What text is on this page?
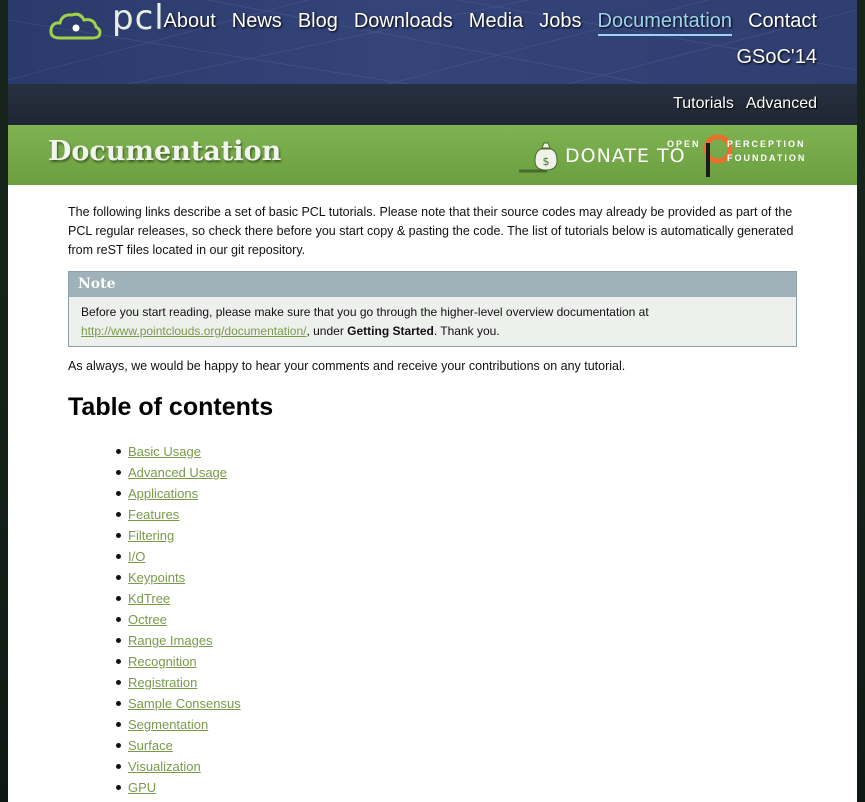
pcl
About News Blog Downloads Media Jobs Documentation Contact
GSoC'14
Tutorials Advanced
Documentation	$ DONATE TO
OPEN	PERCEPTION
FOUNDATION

The following links describe a set of basic PCL tutorials. Please note that their source codes may already be provided as part of the PCL regular releases, so check there before you start copy & pasting the code. The list of tutorials below is automatically generated from reST files located in our git repository.

Note

Before you start reading, please make sure that you go through the higher-level overview documentation at
http://www.pointclouds.org/documentation/, under Getting Started. Thank you.

As always, we would be happy to hear your comments and receive your contributions on any tutorial.

Table of contents
Basic Usage
Advanced Usage
Applications
Features
Filtering
I/O
Keypoints
KdTree
Octree
Range Images
Recognition
Registration
Sample Consensus
Segmentation
Surface
Visualization
GPU
